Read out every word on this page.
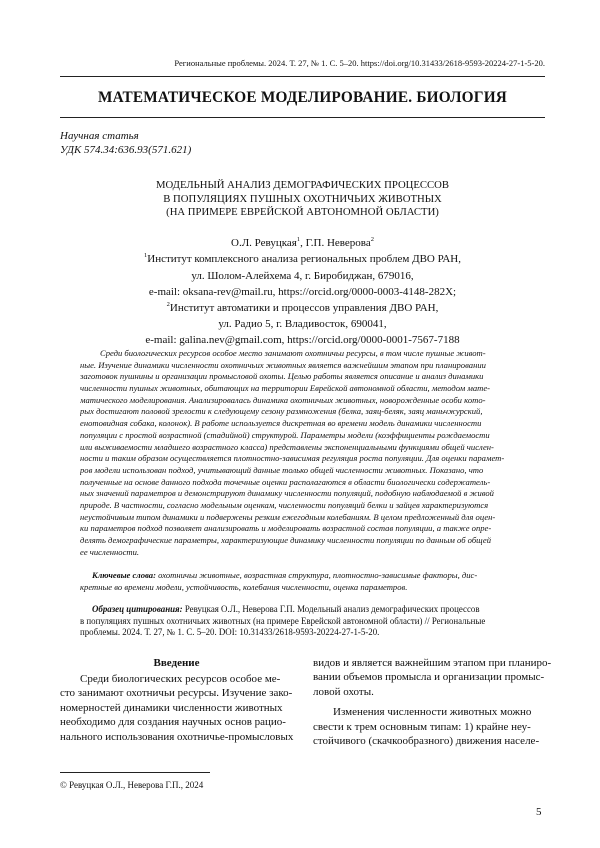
Региональные проблемы. 2024. Т. 27, № 1. С. 5–20. https://doi.org/10.31433/2618-9593-20224-27-1-5-20.
МАТЕМАТИЧЕСКОЕ МОДЕЛИРОВАНИЕ. БИОЛОГИЯ
Научная статья
УДК 574.34:636.93(571.621)
МОДЕЛЬНЫЙ АНАЛИЗ ДЕМОГРАФИЧЕСКИХ ПРОЦЕССОВ
В ПОПУЛЯЦИЯХ ПУШНЫХ ОХОТНИЧЬИХ ЖИВОТНЫХ
(НА ПРИМЕРЕ ЕВРЕЙСКОЙ АВТОНОМНОЙ ОБЛАСТИ)
О.Л. Ревуцкая$^1$, Г.П. Неверова$^2$
$^1$Институт комплексного анализа региональных проблем ДВО РАН,
ул. Шолом-Алейхема 4, г. Биробиджан, 679016,
e-mail: oksana-rev@mail.ru, https://orcid.org/0000-0003-4148-282X;
$^2$Институт автоматики и процессов управления ДВО РАН,
ул. Радио 5, г. Владивосток, 690041,
e-mail: galina.nev@gmail.com, https://orcid.org/0000-0001-7567-7188
Среди биологических ресурсов особое место занимают охотничьи ресурсы, в том числе пушные живот-
ные. Изучение динамики численности охотничьих животных является важнейшим этапом при планировании
заготовок пушнины и организации промысловой охоты. Целью работы является описание и анализ динамики
численности пушных животных, обитающих на территории Еврейской автономной области, методом мате-
матического моделирования. Анализировалась динамика охотничьих животных, новорожденные особи кото-
рых достигают половой зрелости к следующему сезону размножения (белка, заяц-беляк, заяц маньчжурский,
енотовидная собака, колонок). В работе используется дискретная во времени модель динамики численности
популяции с простой возрастной (стадийной) структурой. Параметры модели (коэффициенты рождаемости
или выживаемости младшего возрастного класса) представлены экспоненциальными функциями общей числен-
ности и таким образом осуществляется плотностно-зависимая регуляция роста популяции. Для оценки парамет-
ров модели использован подход, учитывающий данные только общей численности животных. Показано, что
полученные на основе данного подхода точечные оценки располагаются в области биологически содержатель-
ных значений параметров и демонстрируют динамику численности популяций, подобную наблюдаемой в живой
природе. В частности, согласно модельным оценкам, численности популяций белки и зайцев характеризуются
неустойчивым типом динамики и подвержены резким ежегодным колебаниям. В целом предложенный для оцен-
ки параметров подход позволяет анализировать и моделировать возрастной состав популяции, а также опре-
делять демографические параметры, характеризующие динамику численности популяции по данным об общей
ее численности.
Ключевые слова: охотничьи животные, возрастная структура, плотностно-зависимые факторы, дис-
кретные во времени модели, устойчивость, колебания численности, оценка параметров.
Образец цитирования: Ревуцкая О.Л., Неверова Г.П. Модельный анализ демографических процессов
в популяциях пушных охотничьих животных (на примере Еврейской автономной области) // Региональные
проблемы. 2024. Т. 27, № 1. С. 5–20. DOI: 10.31433/2618-9593-20224-27-1-5-20.
Введение
Среди биологических ресурсов особое ме-
сто занимают охотничьи ресурсы. Изучение зако-
номерностей динамики численности животных
необходимо для создания научных основ рацио-
нального использования охотничье-промысловых
видов и является важнейшим этапом при планиро-
вании объемов промысла и организации промыс-
ловой охоты.
Изменения численности животных можно
свести к трем основным типам: 1) крайне неу-
стойчивого (скачкообразного) движения населе-
© Ревуцкая О.Л., Неверова Г.П., 2024
5
